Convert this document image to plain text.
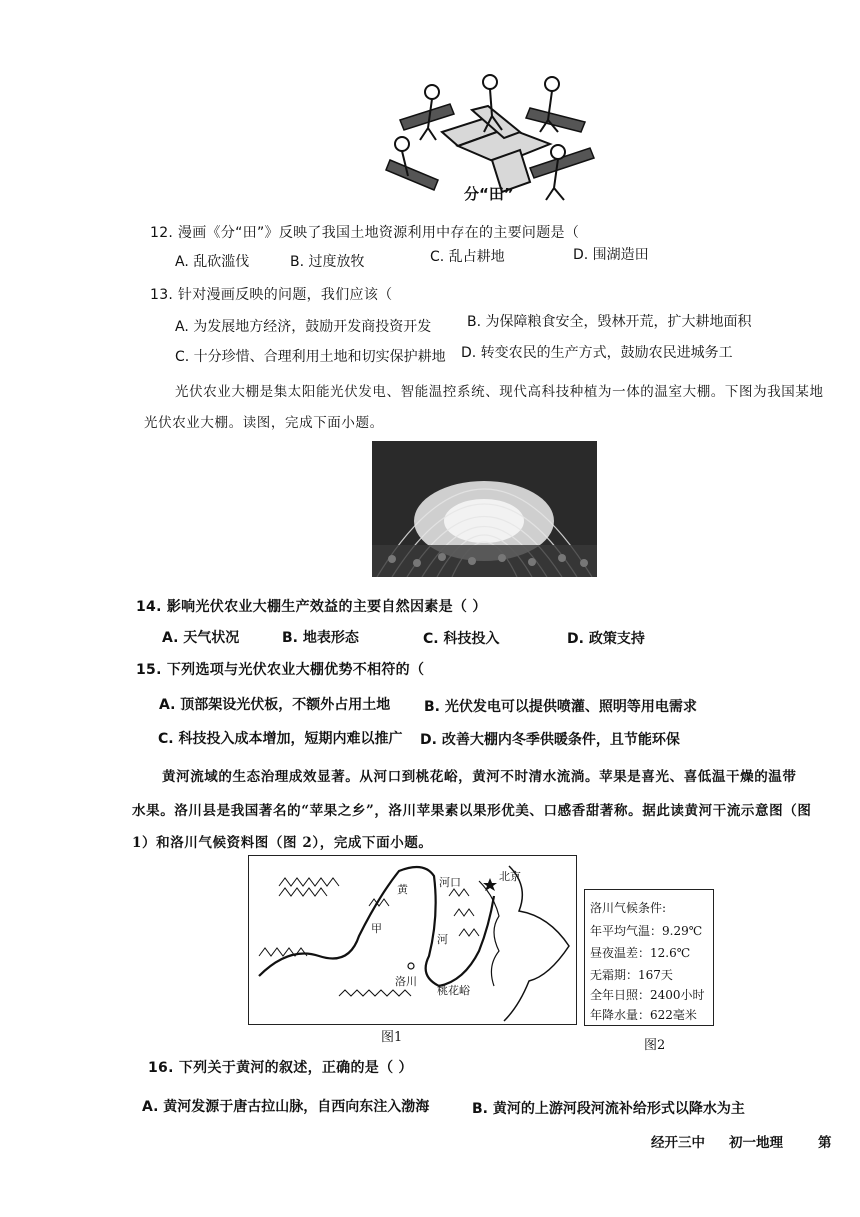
分“田”
12. 漫画《分“田”》反映了我国土地资源利用中存在的主要问题是（
A. 乱砍滥伐	B. 过度放牧	C. 乱占耕地	D. 围湖造田
13. 针对漫画反映的问题，我们应该（
A. 为发展地方经济，鼓励开发商投资开发	B. 为保障粮食安全，毁林开荒，扩大耕地面积
C. 十分珍惜、合理利用土地和切实保护耕地 D. 转变农民的生产方式，鼓励农民进城务工
光伏农业大棚是集太阳能光伏发电、智能温控系统、现代高科技种植为一体的温室大棚。下图为我国某地
光伏农业大棚。读图，完成下面小题。
14. 影响光伏农业大棚生产效益的主要自然因素是（ ）
A. 天气状况	B. 地表形态	C. 科技投入	D. 政策支持
15. 下列选项与光伏农业大棚优势不相符的（
A. 顶部架设光伏板，不额外占用土地 B. 光伏发电可以提供喷灌、照明等用电需求
C. 科技投入成本增加，短期内难以推广 D. 改善大棚内冬季供暖条件，且节能环保
黄河流域的生态治理成效显著。从河口到桃花峪，黄河不时清水流淌。苹果是喜光、喜低温干燥的温带
水果。洛川县是我国著名的“苹果之乡”，洛川苹果素以果形优美、口感香甜著称。据此读黄河干流示意图（图
1）和洛川气候资料图（图 2），完成下面小题。
黄
河
河口	北京
甲
洛川
桃花峪
图1
洛川气候条件:
年平均气温：9.29℃
昼夜温差：12.6℃
无霜期：167天
全年日照：2400小时
年降水量：622毫米
图2
16. 下列关于黄河的叙述，正确的是（ ）
A. 黄河发源于唐古拉山脉，自西向东注入渤海	B. 黄河的上游河段河流补给形式以降水为主
经开三中 初一地理	第
